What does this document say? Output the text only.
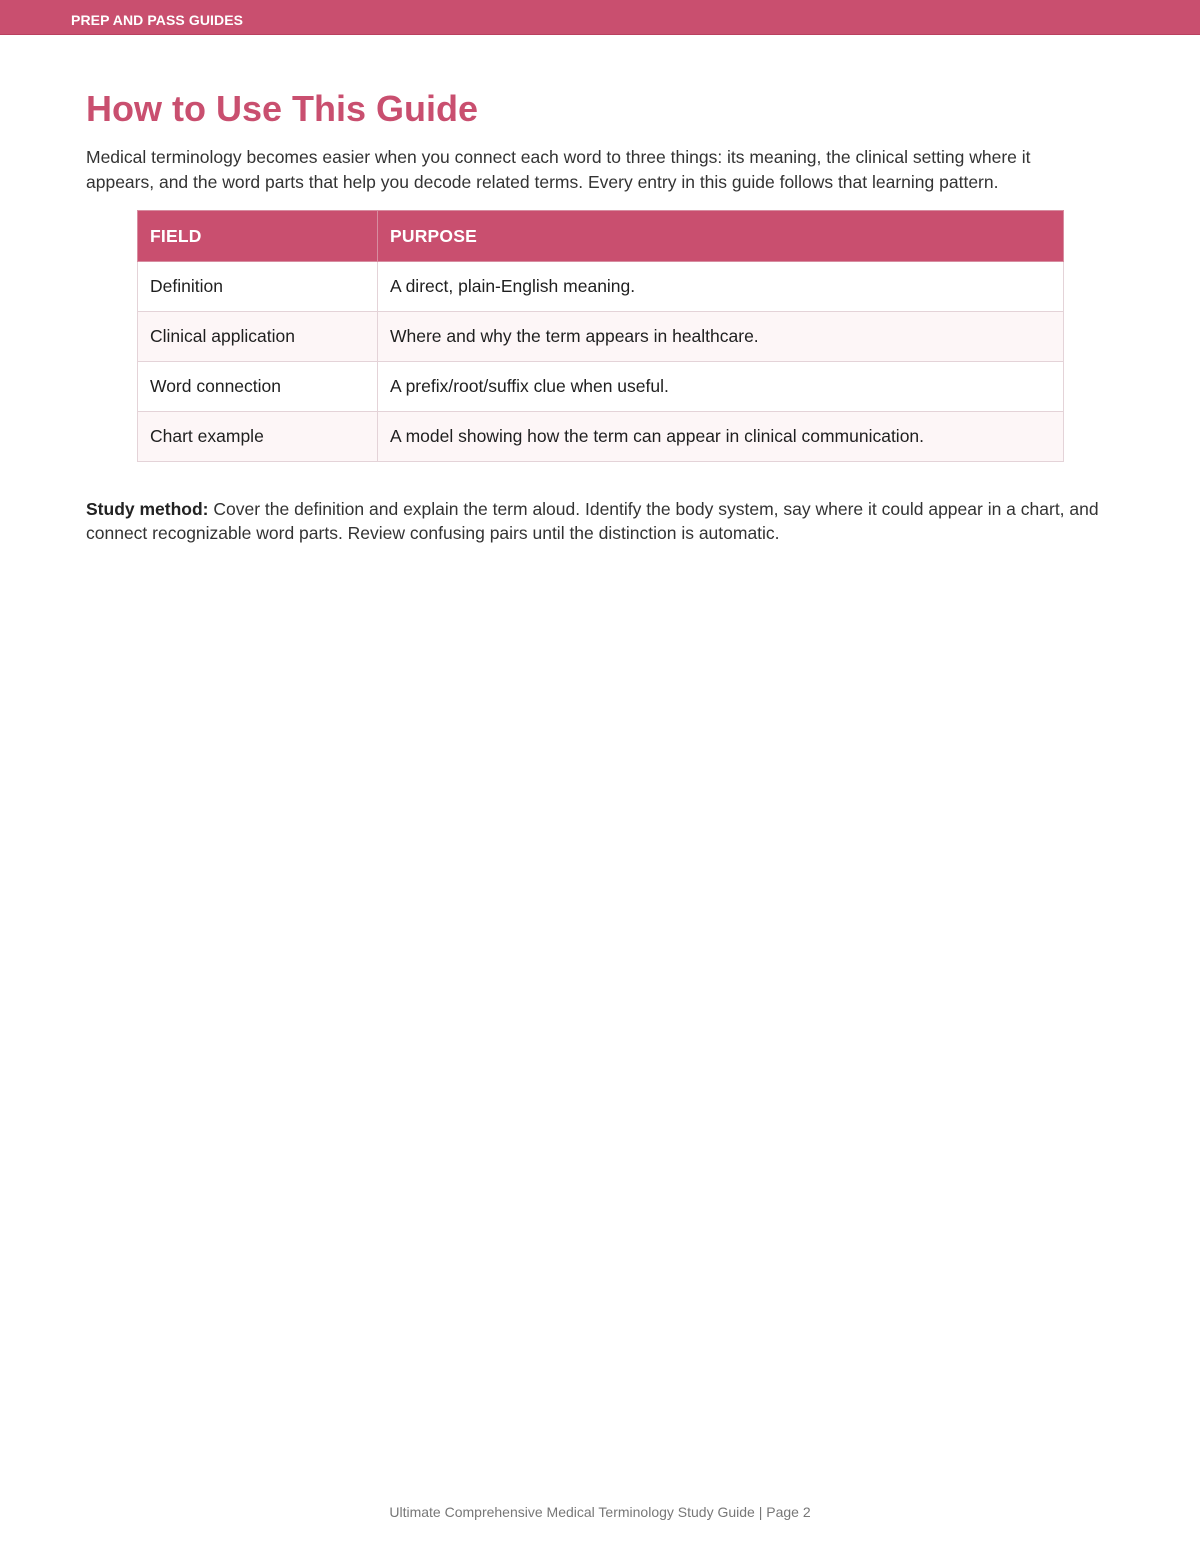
PREP AND PASS GUIDES
How to Use This Guide

Medical terminology becomes easier when you connect each word to three things: its meaning, the clinical setting where it appears, and the word parts that help you decode related terms. Every entry in this guide follows that learning pattern.

FIELD	PURPOSE
Definition	A direct, plain-English meaning.
Clinical application	Where and why the term appears in healthcare.
Word connection	A prefix/root/suffix clue when useful.
Chart example	A model showing how the term can appear in clinical communication.

Study method: Cover the definition and explain the term aloud. Identify the body system, say where it could appear in a chart, and connect recognizable word parts. Review confusing pairs until the distinction is automatic.

Ultimate Comprehensive Medical Terminology Study Guide | Page 2
